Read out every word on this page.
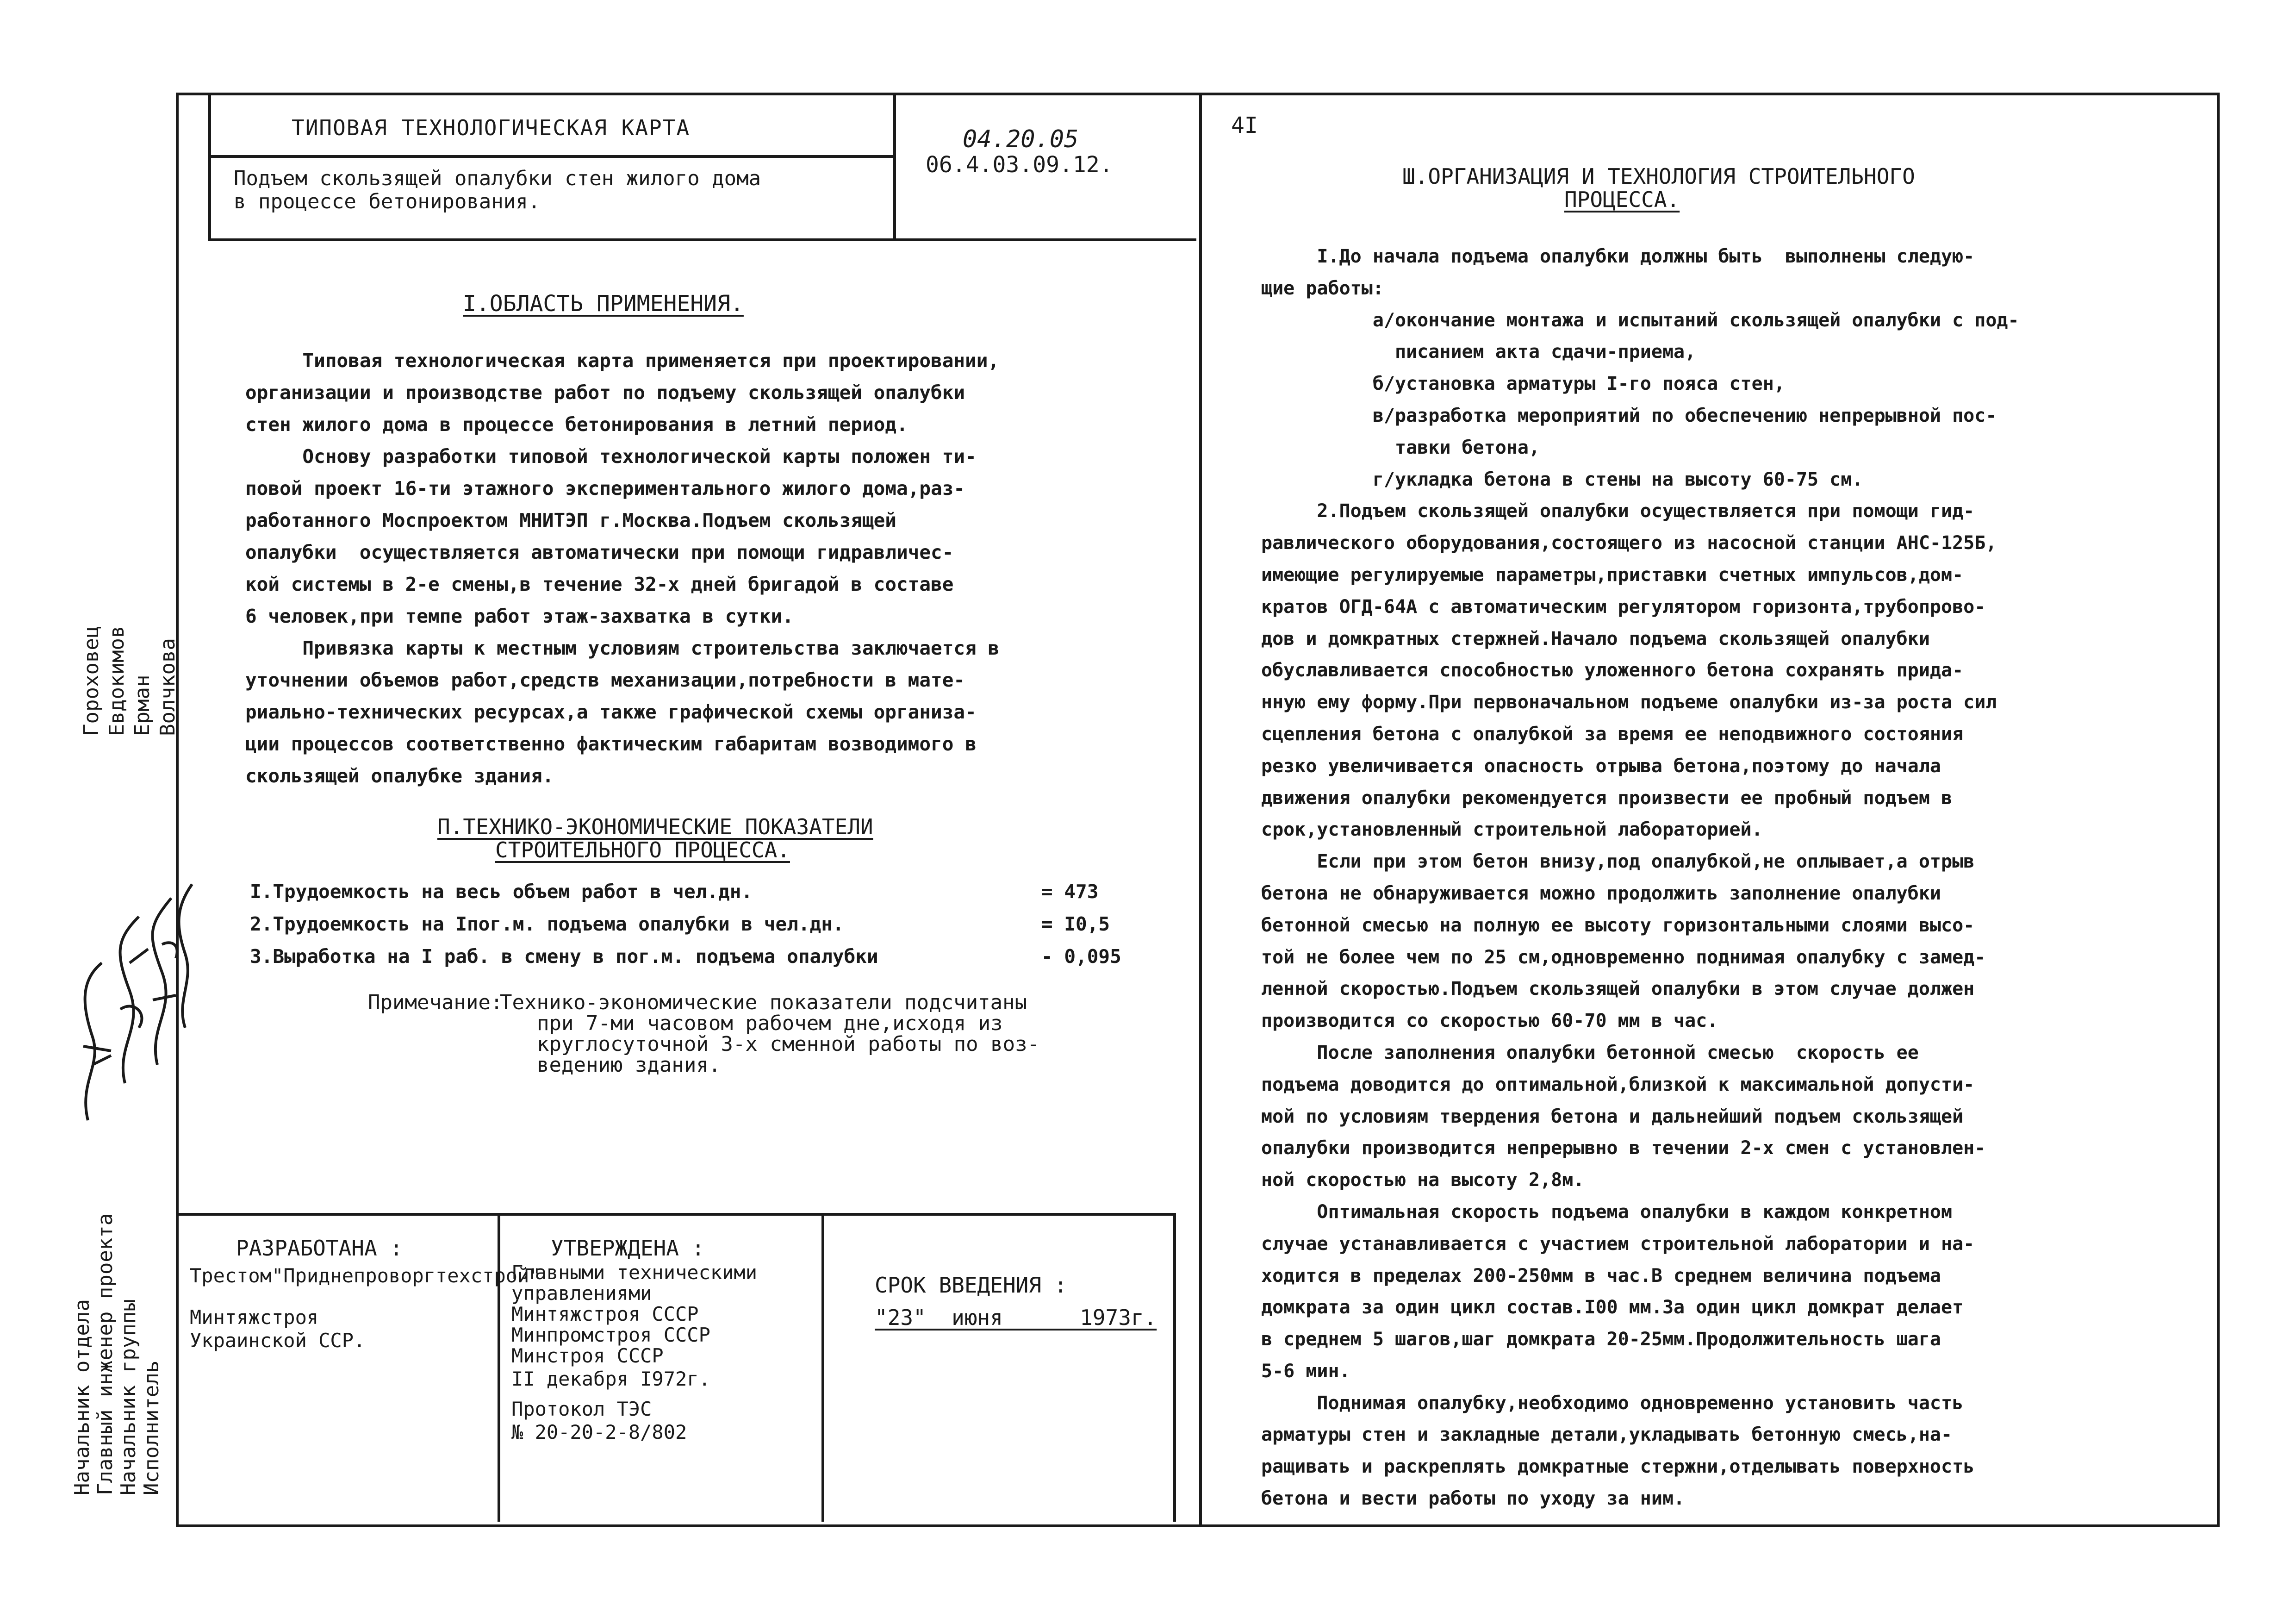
ТИПОВАЯ ТЕХНОЛОГИЧЕСКАЯ КАРТА
Подъем скользящей опалубки стен жилого дома
в процессе бетонирования.
04.20.05
06.4.03.09.12.
I.ОБЛАСТЬ ПРИМЕНЕНИЯ.
Типовая технологическая карта применяется при проектировании,
организации и производстве работ по подъему скользящей опалубки
стен жилого дома в процессе бетонирования в летний период.
Основу разработки типовой технологической карты положен ти-
повой проект 16-ти этажного экспериментального жилого дома,раз-
работанного Моспроектом МНИТЭП г.Москва.Подъем скользящей
опалубки  осуществляется автоматически при помощи гидравличес-
кой системы в 2-е смены,в течение 32-х дней бригадой в составе
6 человек,при темпе работ этаж-захватка в сутки.
Привязка карты к местным условиям строительства заключается в
уточнении объемов работ,средств механизации,потребности в мате-
риально-технических ресурсах,а также графической схемы организа-
ции процессов соответственно фактическим габаритам возводимого в
скользящей опалубке здания.
П.ТЕХНИКО-ЭКОНОМИЧЕСКИЕ ПОКАЗАТЕЛИ
СТРОИТЕЛЬНОГО ПРОЦЕССА.
I.Трудоемкость на весь объем работ в чел.дн.	= 473
2.Трудоемкость на Iпог.м. подъема опалубки в чел.дн.	= I0,5
3.Выработка на I раб. в смену в пог.м. подъема опалубки	- 0,095
Примечание:
Технико-экономические показатели подсчитаны
при 7-ми часовом рабочем дне,исходя из
круглосуточной 3-х сменной работы по воз-
ведению здания.
Гороховец Евдокимов Ерман Волчкова
Начальник отдела Главный инженер проекта Начальник группы Исполнитель
РАЗРАБОТАНА :
Трестом"Приднепроворгтехстрой"
Минтяжстроя
Украинской ССР.
УТВЕРЖДЕНА :
Главными техническими
управлениями
Минтяжстроя СССР
Минпромстроя СССР
Минстроя СССР
II декабря I972г.
Протокол ТЭС
№ 20-20-2-8/802
СРОК ВВЕДЕНИЯ :
"23"  июня      1973г.
4I
Ш.ОРГАНИЗАЦИЯ И ТЕХНОЛОГИЯ СТРОИТЕЛЬНОГО
ПРОЦЕССА.
I.До начала подъема опалубки должны быть  выполнены следую-
щие работы:
а/окончание монтажа и испытаний скользящей опалубки с под-
писанием акта сдачи-приема,
б/установка арматуры I-го пояса стен,
в/разработка мероприятий по обеспечению непрерывной пос-
тавки бетона,
г/укладка бетона в стены на высоту 60-75 см.
2.Подъем скользящей опалубки осуществляется при помощи гид-
равлического оборудования,состоящего из насосной станции АНС-125Б,
имеющие регулируемые параметры,приставки счетных импульсов,дом-
кратов ОГД-64А с автоматическим регулятором горизонта,трубопрово-
дов и домкратных стержней.Начало подъема скользящей опалубки
обуславливается способностью уложенного бетона сохранять прида-
нную ему форму.При первоначальном подъеме опалубки из-за роста сил
сцепления бетона с опалубкой за время ее неподвижного состояния
резко увеличивается опасность отрыва бетона,поэтому до начала
движения опалубки рекомендуется произвести ее пробный подъем в
срок,установленный строительной лабораторией.
Если при этом бетон внизу,под опалубкой,не оплывает,а отрыв
бетона не обнаруживается можно продолжить заполнение опалубки
бетонной смесью на полную ее высоту горизонтальными слоями высо-
той не более чем по 25 см,одновременно поднимая опалубку с замед-
ленной скоростью.Подъем скользящей опалубки в этом случае должен
производится со скоростью 60-70 мм в час.
После заполнения опалубки бетонной смесью  скорость ее
подъема доводится до оптимальной,близкой к максимальной допусти-
мой по условиям твердения бетона и дальнейший подъем скользящей
опалубки производится непрерывно в течении 2-х смен с установлен-
ной скоростью на высоту 2,8м.
Оптимальная скорость подъема опалубки в каждом конкретном
случае устанавливается с участием строительной лаборатории и на-
ходится в пределах 200-250мм в час.В среднем величина подъема
домкрата за один цикл состав.I00 мм.За один цикл домкрат делает
в среднем 5 шагов,шаг домкрата 20-25мм.Продолжительность шага
5-6 мин.
Поднимая опалубку,необходимо одновременно установить часть
арматуры стен и закладные детали,укладывать бетонную смесь,на-
ращивать и раскреплять домкратные стержни,отделывать поверхность
бетона и вести работы по уходу за ним.
